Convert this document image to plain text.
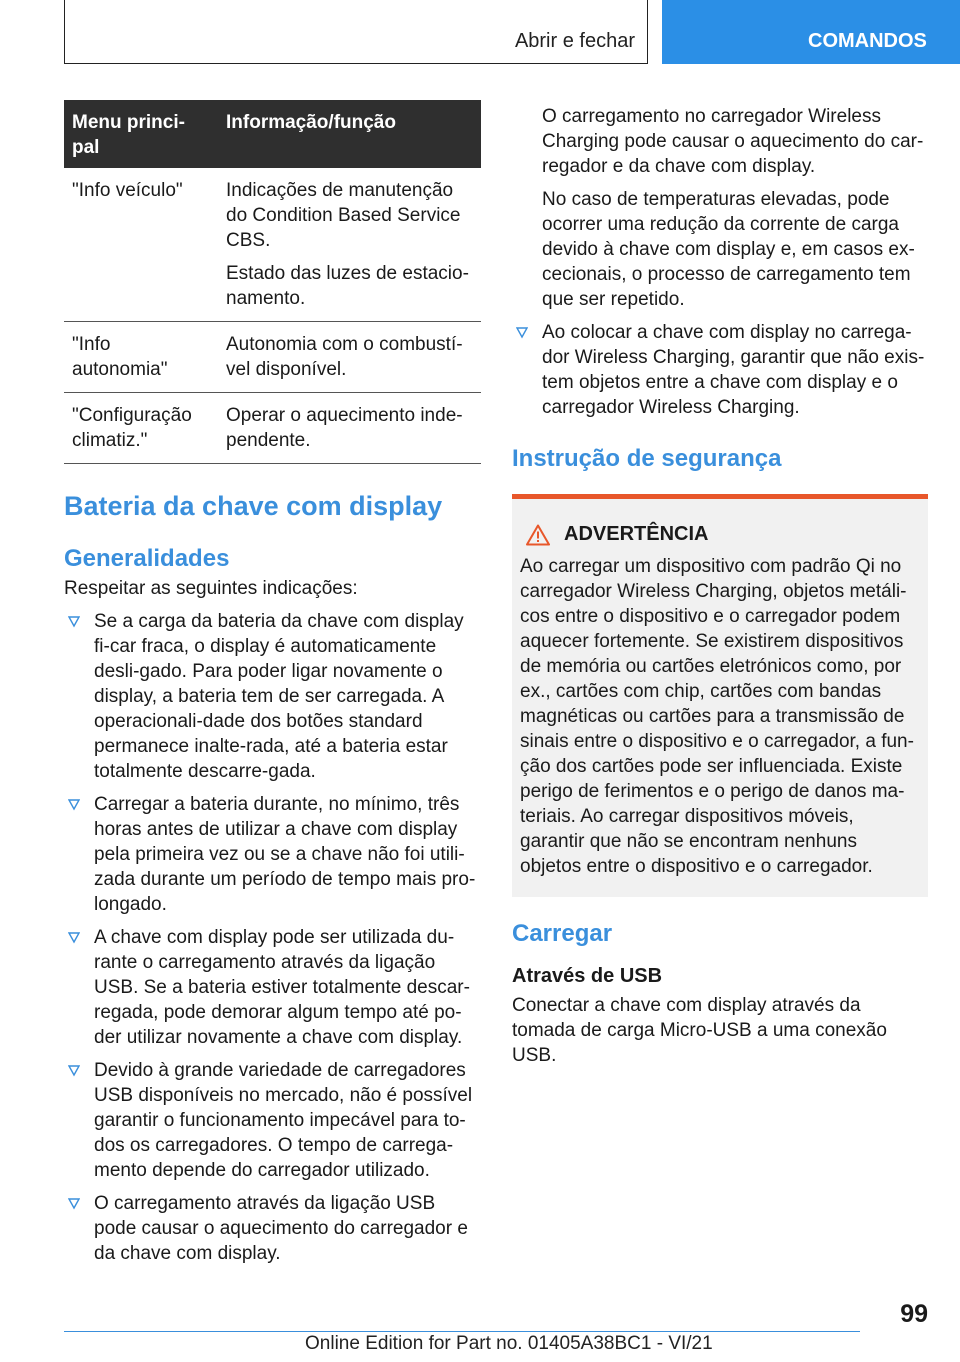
Abrir e fechar	COMANDOS
Menu princi-
pal	Informação/função
"Info veículo"	Indicações de manutenção do Condition Based Service CBS.

Estado das luzes de estacio-namento.

"Info autonomia"	Autonomia com o combustí-vel disponível.

"Configuração climatiz."	Operar o aquecimento inde-pendente.

Bateria da chave com display
Generalidades

Respeitar as seguintes indicações:

Se a carga da bateria da chave com display fi-car fraca, o display é automaticamente desli-gado. Para poder ligar novamente o display, a bateria tem de ser carregada. A operacionali-dade dos botões standard permanece inalte-rada, até a bateria estar totalmente descarre-gada.
Carregar a bateria durante, no mínimo, três horas antes de utilizar a chave com display pela primeira vez ou se a chave não foi utili-zada durante um período de tempo mais pro-longado.
A chave com display pode ser utilizada du-rante o carregamento através da ligação USB. Se a bateria estiver totalmente descar-regada, pode demorar algum tempo até po-der utilizar novamente a chave com display.
Devido à grande variedade de carregadores USB disponíveis no mercado, não é possível garantir o funcionamento impecável para to-dos os carregadores. O tempo de carrega-mento depende do carregador utilizado.
O carregamento através da ligação USB pode causar o aquecimento do carregador e da chave com display.

O carregamento no carregador Wireless Charging pode causar o aquecimento do car-regador e da chave com display.

No caso de temperaturas elevadas, pode ocorrer uma redução da corrente de carga devido à chave com display e, em casos ex-cecionais, o processo de carregamento tem que ser repetido.

Ao colocar a chave com display no carrega-dor Wireless Charging, garantir que não exis-tem objetos entre a chave com display e o carregador Wireless Charging.
Instrução de segurança
ADVERTÊNCIA

Ao carregar um dispositivo com padrão Qi no carregador Wireless Charging, objetos metáli-cos entre o dispositivo e o carregador podem aquecer fortemente. Se existirem dispositivos de memória ou cartões eletrónicos como, por ex., cartões com chip, cartões com bandas magnéticas ou cartões para a transmissão de sinais entre o dispositivo e o carregador, a fun-ção dos cartões pode ser influenciada. Existe perigo de ferimentos e o perigo de danos ma-teriais. Ao carregar dispositivos móveis, garantir que não se encontram nenhuns objetos entre o dispositivo e o carregador.

Carregar
Através de USB

Conectar a chave com display através da tomada de carga Micro-USB a uma conexão USB.

99
Online Edition for Part no. 01405A38BC1 - VI/21
